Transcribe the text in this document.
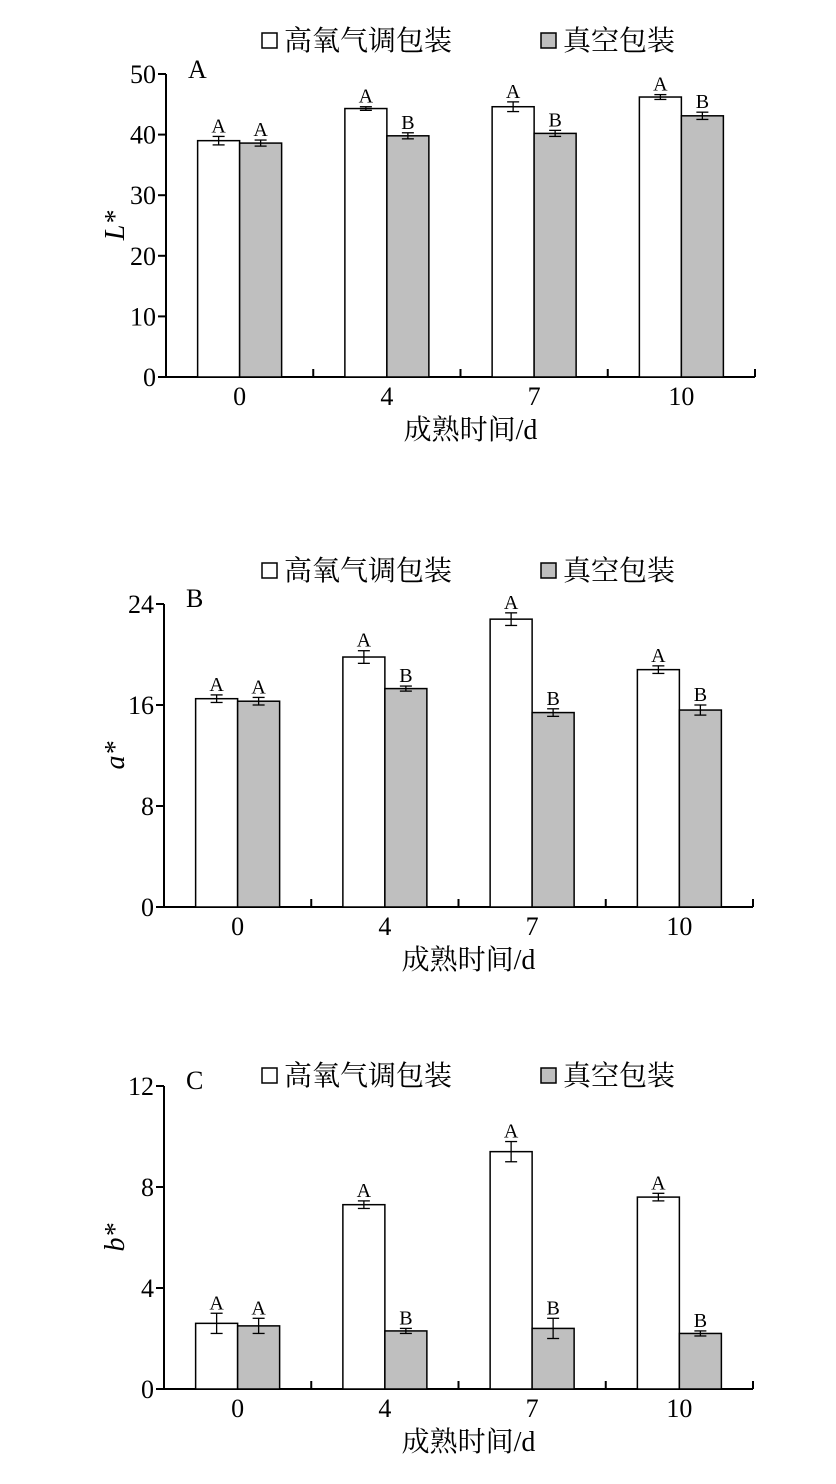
0
10
20
30
40
50
0	4	7	10
A A
A
B
A
B
A
B
A
高氧气调包装	真空包装
L*
成熟时间/d
0
8
16
24
0	4	7	10
A A
A
B
A
B
A
B
B
高氧气调包装	真空包装
a*
成熟时间/d
0
4
8
12
0	4	7	10
A A
A
B
A
B
A
B
C	高氧气调包装	真空包装
b*
成熟时间/d
